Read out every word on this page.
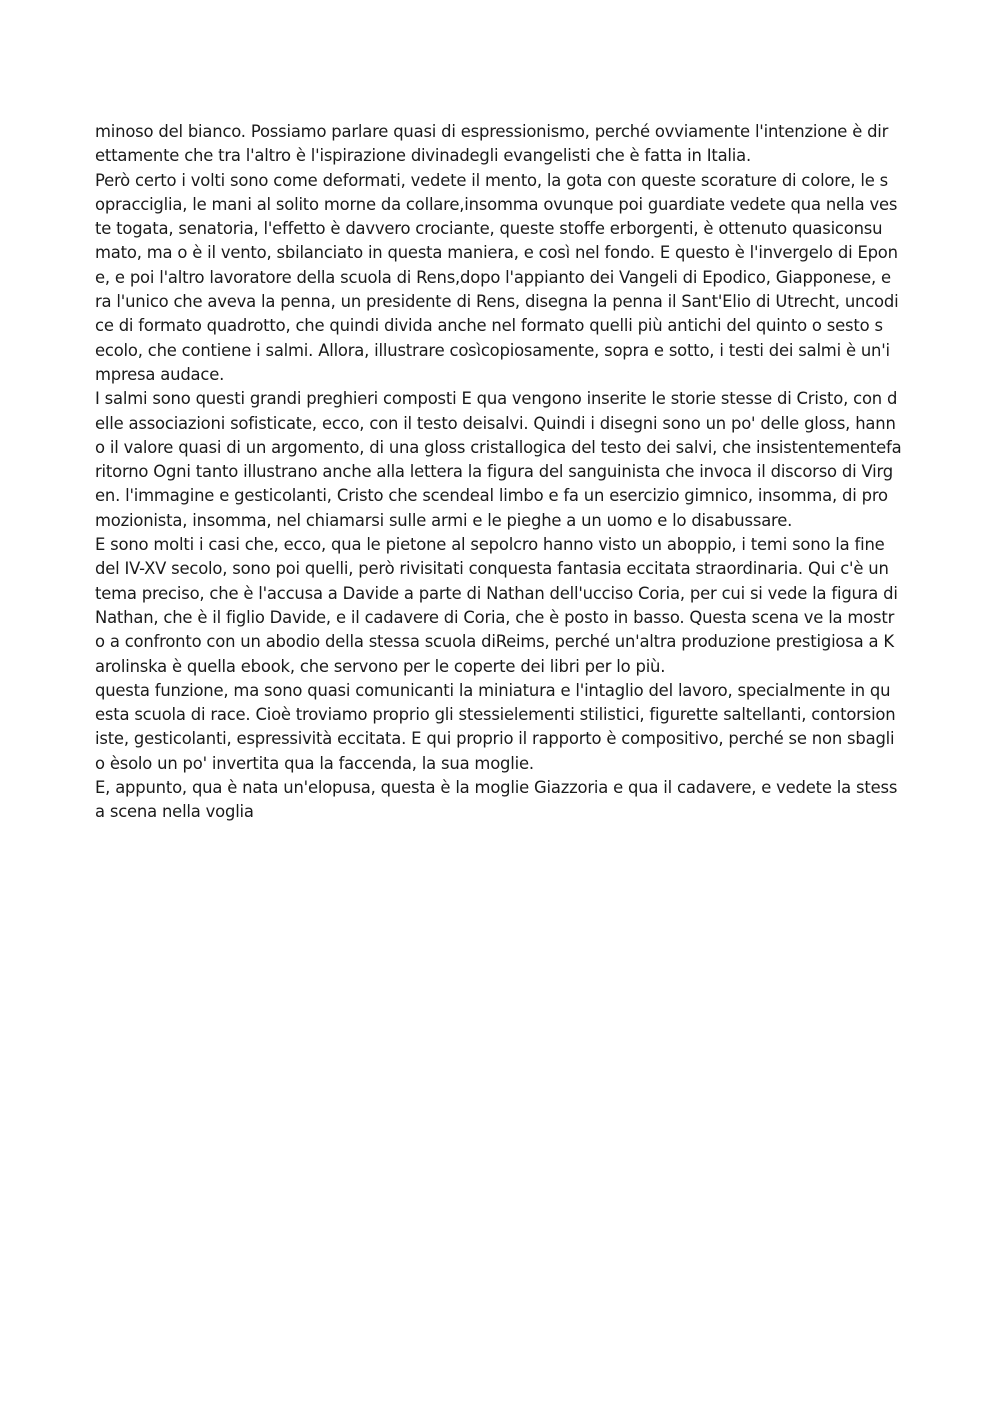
minoso del bianco. Possiamo parlare quasi di espressionismo, perché ovviamente l'intenzione è dir
ettamente che tra l'altro è l'ispirazione divinadegli evangelisti che è fatta in Italia.
Però certo i volti sono come deformati, vedete il mento, la gota con queste scorature di colore, le s
opracciglia, le mani al solito morne da collare,insomma ovunque poi guardiate vedete qua nella ves
te togata, senatoria, l'effetto è davvero crociante, queste stoffe erborgenti, è ottenuto quasiconsu
mato, ma o è il vento, sbilanciato in questa maniera, e così nel fondo. E questo è l'invergelo di Epon
e, e poi l'altro lavoratore della scuola di Rens,dopo l'appianto dei Vangeli di Epodico, Giapponese, e
ra l'unico che aveva la penna, un presidente di Rens, disegna la penna il Sant'Elio di Utrecht, uncodi
ce di formato quadrotto, che quindi divida anche nel formato quelli più antichi del quinto o sesto s
ecolo, che contiene i salmi. Allora, illustrare cosìcopiosamente, sopra e sotto, i testi dei salmi è un'i
mpresa audace.
I salmi sono questi grandi preghieri composti E qua vengono inserite le storie stesse di Cristo, con d
elle associazioni sofisticate, ecco, con il testo deisalvi. Quindi i disegni sono un po' delle gloss, hann
o il valore quasi di un argomento, di una gloss cristallogica del testo dei salvi, che insistentementefa
ritorno Ogni tanto illustrano anche alla lettera la figura del sanguinista che invoca il discorso di Virg
en. l'immagine e gesticolanti, Cristo che scendeal limbo e fa un esercizio gimnico, insomma, di pro
mozionista, insomma, nel chiamarsi sulle armi e le pieghe a un uomo e lo disabussare.
E sono molti i casi che, ecco, qua le pietone al sepolcro hanno visto un aboppio, i temi sono la fine
del IV-XV secolo, sono poi quelli, però rivisitati conquesta fantasia eccitata straordinaria. Qui c'è un
tema preciso, che è l'accusa a Davide a parte di Nathan dell'ucciso Coria, per cui si vede la figura di
Nathan, che è il figlio Davide, e il cadavere di Coria, che è posto in basso. Questa scena ve la mostr
o a confronto con un abodio della stessa scuola diReims, perché un'altra produzione prestigiosa a K
arolinska è quella ebook, che servono per le coperte dei libri per lo più.
questa funzione, ma sono quasi comunicanti la miniatura e l'intaglio del lavoro, specialmente in qu
esta scuola di race. Cioè troviamo proprio gli stessielementi stilistici, figurette saltellanti, contorsion
iste, gesticolanti, espressività eccitata. E qui proprio il rapporto è compositivo, perché se non sbagli
o èsolo un po' invertita qua la faccenda, la sua moglie.
E, appunto, qua è nata un'elopusa, questa è la moglie Giazzoria e qua il cadavere, e vedete la stess
a scena nella voglia
